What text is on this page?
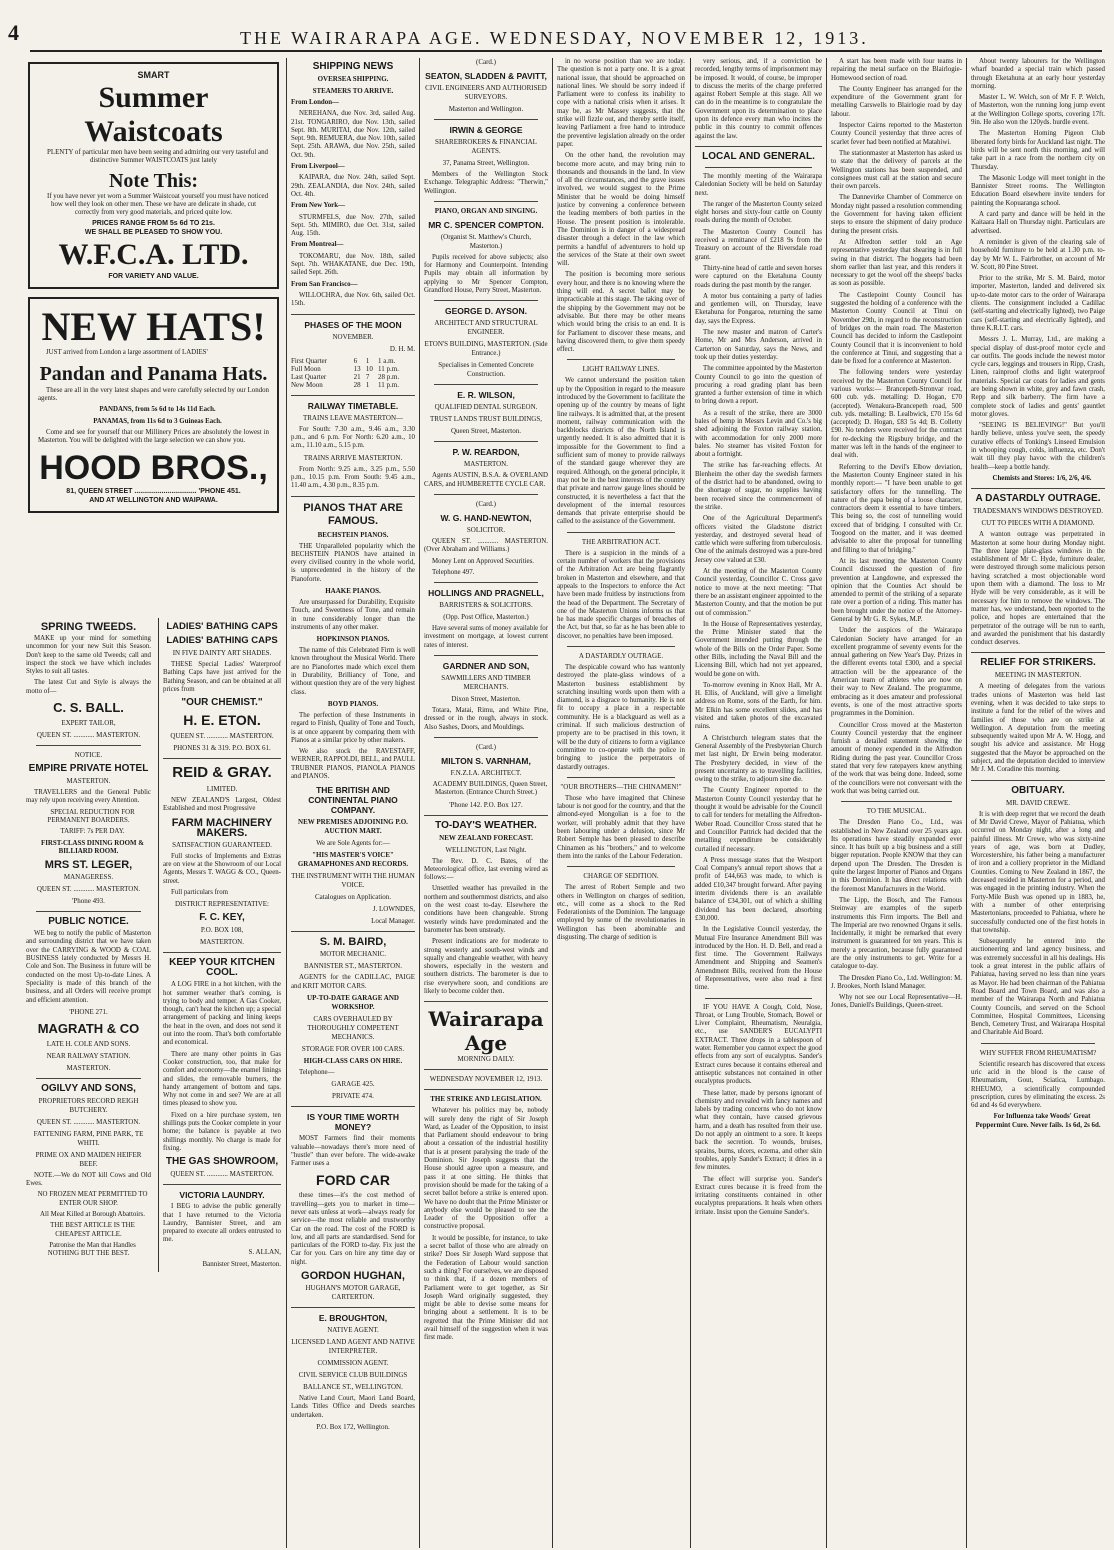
4	THE WAIRARAPA AGE. WEDNESDAY, NOVEMBER 12, 1913.
SMART
Summer Waistcoats

PLENTY of particular men have been seeing and admiring our very tasteful and distinctive Summer WAISTCOATS just lately

Note This:

If you have never yet worn a Summer Waistcoat yourself you must have noticed how well they look on other men. These we have are delicate in shade, cut correctly from very good materials, and priced quite low.

PRICES RANGE FROM 5s 6d TO 21s.
WE SHALL BE PLEASED TO SHOW YOU.
W.F.C.A. LTD.
FOR VARIETY AND VALUE.
NEW HATS!

JUST arrived from London a large assortment of LADIES'

Pandan and Panama Hats.

These are all in the very latest shapes and were carefully selected by our London agents.

PANDANS, from 5s 6d to 14s 11d Each.

PANAMAS, from 11s 6d to 3 Guineas Each.

Come and see for yourself that our Millinery Prices are absolutely the lowest in Masterton. You will be delighted with the large selection we can show you.

HOOD BROS.,
81, QUEEN STREET ................................ 'PHONE 451.
AND AT WELLINGTON AND WAIPAWA.
SPRING TWEEDS.

MAKE up your mind for something uncommon for your new Suit this Season. Don't keep to the same old Tweeds; call and inspect the stock we have which includes Styles to suit all tastes.

The latest Cut and Style is always the motto of—

C. S. BALL.
EXPERT TAILOR,
QUEEN ST. ............ MASTERTON.
NOTICE.
EMPIRE PRIVATE HOTEL
MASTERTON.

TRAVELLERS and the General Public may rely upon receiving every Attention.

SPECIAL REDUCTION FOR PERMANENT BOARDERS.

TARIFF: 7s PER DAY.

FIRST-CLASS DINING ROOM & BILLIARD ROOM.

MRS ST. LEGER,
MANAGERESS.
QUEEN ST. ............ MASTERTON.
'Phone 493.
PUBLIC NOTICE.

WE beg to notify the public of Masterton and surrounding district that we have taken over the CARRYING & WOOD & COAL BUSINESS lately conducted by Messrs H. Cole and Son. The Business in future will be conducted on the most Up-to-date Lines. A Speciality is made of this branch of the business, and all Orders will receive prompt and efficient attention.

'PHONE 271.
MAGRATH & CO
LATE H. COLE AND SONS.
NEAR RAILWAY STATION.
MASTERTON.
OGILVY AND SONS,
PROPRIETORS RECORD REIGH BUTCHERY.
QUEEN ST. ............ MASTERTON.
FATTENING FARM, PINE PARK, TE WHITI.
PRIME OX AND MAIDEN HEIFER BEEF.

NOTE.—We do NOT kill Cows and Old Ewes.

NO FROZEN MEAT PERMITTED TO ENTER OUR SHOP.

All Meat Killed at Borough Abattoirs.

THE BEST ARTICLE IS THE CHEAPEST ARTICLE.

Patronise the Man that Handles NOTHING BUT THE BEST.

LADIES' BATHING CAPS
LADIES' BATHING CAPS
IN FIVE DAINTY ART SHADES.

THESE Special Ladies' Waterproof Bathing Caps have just arrived for the Bathing Season, and can be obtained at all prices from

"OUR CHEMIST."
H. E. ETON.
QUEEN ST. ............ MASTERTON.
PHONES 31 & 319. P.O. BOX 61.
REID & GRAY.
LIMITED.

NEW ZEALAND'S Largest, Oldest Established and most Progressive

FARM MACHINERY MAKERS.
SATISFACTION GUARANTEED.

Full stocks of Implements and Extras are on view at the Showroom of our Local Agents, Messrs T. WAGG & CO., Queen-street.

Full particulars from

DISTRICT REPRESENTATIVE:
F. C. KEY,
P.O. BOX 108,
MASTERTON.
KEEP YOUR KITCHEN COOL.

A LOG FIRE in a hot kitchen, with the hot summer weather that's coming, is trying to body and temper. A Gas Cooker, though, can't heat the kitchen up; a special arrangement of packing and lining keeps the heat in the oven, and does not send it out into the room. That's both comfortable and economical.

There are many other points in Gas Cooker construction, too, that make for comfort and economy—the enamel linings and slides, the removable burners, the handy arrangement of bottom and taps. Why not come in and see? We are at all times pleased to show you.

Fixed on a hire purchase system, ten shillings puts the Cooker complete in your home; the balance is payable at two shillings monthly. No charge is made for fixing.

THE GAS SHOWROOM,
QUEEN ST. ............ MASTERTON.
VICTORIA LAUNDRY.

I BEG to advise the public generally that I have returned to the Victoria Laundry, Bannister Street, and am prepared to execute all orders entrusted to me.

S. ALLAN,
Bannister Street, Masterton.
SHIPPING NEWS
OVERSEA SHIPPING.
STEAMERS TO ARRIVE.

From London—

NEREHANA, due Nov. 3rd, sailed Aug. 21st. TONGARIRO, due Nov. 13th, sailed Sept. 8th. MURITAI, due Nov. 12th, sailed Sept. 9th. REMUERA, due Nov. 10th, sailed Sept. 25th. ARAWA, due Nov. 25th, sailed Oct. 9th.

From Liverpool—

KAIPARA, due Nov. 24th, sailed Sept. 29th. ZEALANDIA, due Nov. 24th, sailed Oct. 4th.

From New York—

STURMFELS, due Nov. 27th, sailed Sept. 5th. MIMIRO, due Oct. 31st, sailed Aug. 15th.

From Montreal—

TOKOMARU, due Nov. 18th, sailed Sept. 7th. WHAKATANE, due Dec. 19th, sailed Sept. 26th.

From San Francisco—

WILLOCHRA, due Nov. 6th, sailed Oct. 15th.

PHASES OF THE MOON
NOVEMBER.
D. H. M.
First Quarter	6	1	1 a.m.
Full Moon	13	10	11 p.m.
Last Quarter	21	7	28 p.m.
New Moon	28	1	11 p.m.
RAILWAY TIMETABLE.
TRAINS LEAVE MASTERTON—

For South: 7.30 a.m., 9.46 a.m., 3.30 p.m., and 6 p.m. For North: 6.20 a.m., 10 a.m., 11.10 a.m., 5.15 p.m.

TRAINS ARRIVE MASTERTON.

From North: 9.25 a.m., 3.25 p.m., 5.50 p.m., 10.15 p.m. From South: 9.45 a.m., 11.40 a.m., 4.30 p.m., 8.35 p.m.

PIANOS THAT ARE FAMOUS.
BECHSTEIN PIANOS.

THE Unparalleled popularity which the BECHSTEIN PIANOS have attained in every civilised country in the whole world, is unprecedented in the history of the Pianoforte.

HAAKE PIANOS.

Are unsurpassed for Durability, Exquisite Touch, and Sweetness of Tone, and remain in tune considerably longer than the instruments of any other maker.

HOPKINSON PIANOS.

The name of this Celebrated Firm is well known throughout the Musical World. There are no Pianofortes made which excel them in Durability, Brilliancy of Tone, and without question they are of the very highest class.

BOYD PIANOS.

The perfection of these Instruments in regard to Finish, Quality of Tone and Touch, is at once apparent by comparing them with Pianos at a similar price by other makers.

We also stock the RAVESTAFF, WERNER, RAPPOLDI, BELL, and PAULL TRUBNER PIANOS, PIANOLA PIANOS and PIANOS.

THE BRITISH AND CONTINENTAL PIANO COMPANY.
NEW PREMISES ADJOINING P.O. AUCTION MART.
We are Sole Agents for:—
"HIS MASTER'S VOICE" GRAMAPHONES AND RECORDS.
THE INSTRUMENT WITH THE HUMAN VOICE.
Catalogues on Application.
J. LOWNDES,
Local Manager.
S. M. BAIRD,
MOTOR MECHANIC.
BANNISTER ST., MASTERTON.

AGENTS for the CADILLAC, PAIGE and KRIT MOTOR CARS.

UP-TO-DATE GARAGE AND WORKSHOP.
CARS OVERHAULED BY THOROUGHLY COMPETENT MECHANICS.
STORAGE FOR OVER 100 CARS.
HIGH-CLASS CARS ON HIRE.

Telephone—

GARAGE 425.
PRIVATE 474.
IS YOUR TIME WORTH MONEY?

MOST Farmers find their moments valuable—nowadays there's more need of "hustle" than ever before. The wide-awake Farmer uses a

FORD CAR

these times—it's the cost method of travelling—gets you to market in time—never eats unless at work—always ready for service—the most reliable and trustworthy Car on the road. The cost of the FORD is low, and all parts are standardised. Send for particulars of the FORD to-day. Fix just the Car for you. Cars on hire any time day or night.

GORDON HUGHAN,
HUGHAN'S MOTOR GARAGE, CARTERTON.
E. BROUGHTON,
NATIVE AGENT.
LICENSED LAND AGENT AND NATIVE INTERPRETER.
COMMISSION AGENT.
CIVIL SERVICE CLUB BUILDINGS
BALLANCE ST., WELLINGTON.

Native Land Court, Maori Land Board, Lands Titles Office and Deeds searches undertaken.

P.O. Box 172, Wellington.
(Card.)
SEATON, SLADDEN & PAVITT,
CIVIL ENGINEERS AND AUTHORISED SURVEYORS.
Masterton and Wellington.
IRWIN & GEORGE
SHAREBROKERS & FINANCIAL AGENTS.
37, Panama Street, Wellington.

Members of the Wellington Stock Exchange. Telegraphic Address: "Therwin," Wellington.

PIANO, ORGAN AND SINGING.
MR C. SPENCER COMPTON.
(Organist St. Matthew's Church, Masterton.)

Pupils received for above subjects; also for Harmony and Counterpoint. Intending Pupils may obtain all information by applying to Mr Spencer Compton, Grandford House, Perry Street, Masterton.

GEORGE D. AYSON.
ARCHITECT AND STRUCTURAL ENGINEER.
ETON'S BUILDING, MASTERTON. (Side Entrance.)
Specialises in Cemented Concrete Construction.
E. R. WILSON,
QUALIFIED DENTAL SURGEON.
TRUST LANDS TRUST BUILDINGS,
Queen Street, Masterton.
P. W. REARDON,
MASTERTON.

Agents AUSTIN, B.S.A. & OVERLAND CARS, and HUMBERETTE CYCLE CAR.

(Card.)
W. G. HAND-NEWTON,
SOLICITOR.

QUEEN ST. ............ MASTERTON. (Over Abraham and Williams.)

Money Lent on Approved Securities.

Telephone 497.

HOLLINGS AND PRAGNELL,
BARRISTERS & SOLICITORS.
(Opp. Post Office, Masterton.)

Have several sums of money available for investment on mortgage, at lowest current rates of interest.

GARDNER AND SON,
SAWMILLERS AND TIMBER MERCHANTS.
Dixon Street, Masterton.

Totara, Matai, Rimu, and White Pine, dressed or in the rough, always in stock. Also Sashes, Doors, and Mouldings.

(Card.)
MILTON S. VARNHAM,
F.N.Z.I.A. ARCHITECT.

ACADEMY BUILDINGS, Queen Street, Masterton. (Entrance Church Street.)

'Phone 142. P.O. Box 127.
TO-DAY'S WEATHER.
NEW ZEALAND FORECAST.
WELLINGTON, Last Night.

The Rev. D. C. Bates, of the Meteorological office, last evening wired as follows:—

Unsettled weather has prevailed in the northern and southernmost districts, and also on the west coast to-day. Elsewhere the conditions have been changeable. Strong westerly winds have predominated and the barometer has been unsteady.

Present indications are for moderate to strong westerly and south-west winds and squally and changeable weather, with heavy showers, especially in the western and southern districts. The barometer is due to rise everywhere soon, and conditions are likely to become colder then.

Wairarapa Age
MORNING DAILY.
WEDNESDAY NOVEMBER 12, 1913.
THE STRIKE AND LEGISLATION.

Whatever his politics may be, nobody will surely deny the right of Sir Joseph Ward, as Leader of the Opposition, to insist that Parliament should endeavour to bring about a cessation of the industrial hostility that is at present paralysing the trade of the Dominion. Sir Joseph suggests that the House should agree upon a measure, and pass it at one sitting. He thinks that provision should be made for the taking of a secret ballot before a strike is entered upon. We have no doubt that the Prime Minister or anybody else would be pleased to see the Leader of the Opposition offer a constructive proposal.

It would be possible, for instance, to take a secret ballot of those who are already on strike? Does Sir Joseph Ward suppose that the Federation of Labour would sanction such a thing? For ourselves, we are disposed to think that, if a dozen members of Parliament were to get together, as Sir Joseph Ward originally suggested, they might be able to devise some means for bringing about a settlement. It is to be regretted that the Prime Minister did not avail himself of the suggestion when it was first made.

in no worse position than we are today. The question is not a party one. It is a great national issue, that should be approached on national lines. We should be sorry indeed if Parliament were to confess its inability to cope with a national crisis when it arises. It may be, as Mr Massey suggests, that the strike will fizzle out, and thereby settle itself, leaving Parliament a free hand to introduce the preventive legislation already on the order paper.

On the other hand, the revolution may become more acute, and may bring ruin to thousands and thousands in the land. In view of all the circumstances, and the grave issues involved, we would suggest to the Prime Minister that he would be doing himself justice by convening a conference between the leading members of both parties in the House. The present position is intolerable. The Dominion is in danger of a widespread disaster through a defect in the law which permits a handful of adventurers to hold up the services of the State at their own sweet will.

The position is becoming more serious every hour, and there is no knowing where the thing will end. A secret ballot may be impracticable at this stage. The taking over of the shipping by the Government may not be advisable. But there may be other means which would bring the crisis to an end. It is for Parliament to discover these means, and having discovered them, to give them speedy effect.

LIGHT RAILWAY LINES.

We cannot understand the position taken up by the Opposition in regard to the measure introduced by the Government to facilitate the opening up of the country by means of light line railways. It is admitted that, at the present moment, railway communication with the backblocks districts of the North Island is urgently needed. It is also admitted that it is impossible for the Government to find a sufficient sum of money to provide railways of the standard gauge wherever they are required. Although, on the general principle, it may not be in the best interests of the country that private and narrow gauge lines should be constructed, it is nevertheless a fact that the development of the internal resources demands that private enterprise should be called to the assistance of the Government.

THE ARBITRATION ACT.

There is a suspicion in the minds of a certain number of workers that the provisions of the Arbitration Act are being flagrantly broken in Masterton and elsewhere, and that appeals to the Inspectors to enforce the Act have been made fruitless by instructions from the head of the Department. The Secretary of one of the Masterton Unions informs us that he has made specific charges of breaches of the Act, but that, so far as he has been able to discover, no penalties have been imposed.

A DASTARDLY OUTRAGE.

The despicable coward who has wantonly destroyed the plate-glass windows of a Masterton business establishment by scratching insulting words upon them with a diamond, is a disgrace to humanity. He is not fit to occupy a place in a respectable community. He is a blackguard as well as a criminal. If such malicious destruction of property are to be practised in this town, it will be the duty of citizens to form a vigilance committee to co-operate with the police in bringing to justice the perpetrators of dastardly outrages.

"OUR BROTHERS—THE CHINAMEN!"

Those who have imagined that Chinese labour is not good for the country, and that the almond-eyed Mongolian is a foe to the worker, will probably admit that they have been labouring under a delusion, since Mr Robert Semple has been pleased to describe Chinamen as his "brothers," and to welcome them into the ranks of the Labour Federation.

CHARGE OF SEDITION.

The arrest of Robert Semple and two others in Wellington on charges of sedition, etc., will come as a shock to the Red Federationists of the Dominion. The language employed by some of the revolutionaries in Wellington has been abominable and disgusting. The charge of sedition is

very serious, and, if a conviction be recorded, lengthy terms of imprisonment may be imposed. It would, of course, be improper to discuss the merits of the charge preferred against Robert Semple at this stage. All we can do in the meantime is to congratulate the Government upon its determination to place upon its defence every man who incites the public in this country to commit offences against the law.

LOCAL AND GENERAL.

The monthly meeting of the Wairarapa Caledonian Society will be held on Saturday next.

The ranger of the Masterton County seized eight horses and sixty-four cattle on County roads during the month of October.

The Masterton County Council has received a remittance of £218 9s from the Treasury on account of the Riversdale road grant.

Thirty-nine head of cattle and seven horses were captured on the Eketahuna County roads during the past month by the ranger.

A motor bus containing a party of ladies and gentlemen will, on Thursday, leave Eketahuna for Pongaroa, returning the same day, says the Express.

The new master and matron of Carter's Home, Mr and Mrs Anderson, arrived in Carterton on Saturday, says the News, and took up their duties yesterday.

The committee appointed by the Masterton County Council to go into the question of procuring a road grading plant has been granted a further extension of time in which to bring down a report.

As a result of the strike, there are 3000 bales of hemp in Messrs Levin and Co.'s big shed adjoining the Foxton railway station, with accommodation for only 2000 more bales. No steamer has visited Foxton for about a fortnight.

The strike has far-reaching effects. At Blenheim the other day the swedish farmers of the district had to be abandoned, owing to the shortage of sugar, no supplies having been received since the commencement of the strike.

One of the Agricultural Department's officers visited the Gladstone district yesterday, and destroyed several head of cattle which were suffering from tuberculosis. One of the animals destroyed was a pure-bred Jersey cow valued at £30.

At the meeting of the Masterton County Council yesterday, Councillor C. Cross gave notice to move at the next meeting: "That there be an assistant engineer appointed to the Masterton County, and that the motion be put out of commission."

In the House of Representatives yesterday, the Prime Minister stated that the Government intended putting through the whole of the Bills on the Order Paper. Some other Bills, including the Naval Bill and the Licensing Bill, which had not yet appeared, would be gone on with.

To-morrow evening in Knox Hall, Mr A. H. Ellis, of Auckland, will give a limelight address on Rome, sons of the Earth, for him. Mr Elkin has some excellent slides, and has visited and taken photos of the excavated ruins.

A Christchurch telegram states that the General Assembly of the Presbyterian Church met last night, Dr Erwin being moderator. The Presbytery decided, in view of the present uncertainty as to travelling facilities, owing to the strike, to adjourn sine die.

The County Engineer reported to the Masterton County Council yesterday that he thought it would be advisable for the Council to call for tenders for metalling the Alfredton-Weber Road. Councillor Cross stated that he and Councillor Pattrick had decided that the metalling expenditure be considerably curtailed if necessary.

A Press message states that the Westport Coal Company's annual report shows that a profit of £44,663 was made, to which is added £10,347 brought forward. After paying interim dividends there is an available balance of £34,301, out of which a shilling dividend has been declared, absorbing £30,000.

In the Legislative Council yesterday, the Mutual Fire Insurance Amendment Bill was introduced by the Hon. H. D. Bell, and read a first time. The Government Railways Amendment and Shipping and Seamen's Amendment Bills, received from the House of Representatives, were also read a first time.

IF YOU HAVE A Cough, Cold, Nose, Throat, or Lung Trouble, Stomach, Bowel or Liver Complaint, Rheumatism, Neuralgia, etc., use SANDER'S EUCALYPTI EXTRACT. Three drops in a tablespoon of water. Remember you cannot expect the good effects from any sort of eucalyptus. Sander's Extract cures because it contains ethereal and antiseptic substances not contained in other eucalyptus products.

These latter, made by persons ignorant of chemistry and revealed with fancy names and labels by trading concerns who do not know what they contain, have caused grievous harm, and a death has resulted from their use. Do not apply an ointment to a sore. It keeps back the secretion. To wounds, bruises, sprains, burns, ulcers, eczema, and other skin troubles, apply Sander's Extract; it dries in a few minutes.

The effect will surprise you. Sander's Extract cures because it is freed from the irritating constituents contained in other eucalyptus preparations. It heals when others irritate. Insist upon the Genuine Sander's.

A start has been made with four teams in repairing the metal surface on the Blairlogie-Homewood section of road.

The County Engineer has arranged for the expenditure of the Government grant for metalling Carswells to Blairlogie road by day labour.

Inspector Cairns reported to the Masterton County Council yesterday that three acres of scarlet fever had been notified at Matahiwi.

The stationmaster at Masterton has asked us to state that the delivery of parcels at the Wellington stations has been suspended, and consignees must call at the station and secure their own parcels.

The Dannevirke Chamber of Commerce on Monday night passed a resolution commending the Government for having taken efficient steps to ensure the shipment of dairy produce during the present crisis.

At Alfredton settler told an Age representative yesterday that shearing is in full swing in that district. The hoggets had been shorn earlier than last year, and this renders it necessary to get the wool off the sheeps' backs as soon as possible.

The Castlepoint County Council has suggested the holding of a conference with the Masterton County Council at Tinui on November 29th, in regard to the reconstruction of bridges on the main road. The Masterton Council has decided to inform the Castlepoint County Council that it is inconvenient to hold the conference at Tinui, and suggesting that a date be fixed for a conference at Masterton.

The following tenders were yesterday received by the Masterton County Council for various works:— Brancepeth-Stronvar road, 600 cub. yds. metalling: D. Hogan, £70 (accepted). Wenakura-Brancepeth road, 500 cub. yds. metalling: B. Lealbwick, £70 15s 6d (accepted); D. Hogan, £83 5s 4d; B. Colletty £90. No tenders were received for the contract for re-decking the Rigsbury bridge, and the matter was left in the hands of the engineer to deal with.

Referring to the Devil's Elbow deviation, the Masterton County Engineer stated in his monthly report:— "I have been unable to get satisfactory offers for the tunnelling. The nature of the papa being of a loose character, contractors deem it essential to have timbers. This being so, the cost of tunnelling would exceed that of bridging. I consulted with Cr. Toogood on the matter, and it was deemed advisable to alter the proposal for tunnelling and filling to that of bridging."

At its last meeting the Masterton County Council discussed the question of fire prevention at Langdowne, and expressed the opinion that the Counties Act should be amended to permit of the striking of a separate rate over a portion of a riding. This matter has been brought under the notice of the Attorney-General by Mr G. R. Sykes, M.P.

Under the auspices of the Wairarapa Caledonian Society have arranged for an excellent programme of seventy events for the annual gathering on New Year's Day. Prizes in the different events total £300, and a special attraction will be the appearance of the American team of athletes who are now on their way to New Zealand. The programme, embracing as it does amateur and professional events, is one of the most attractive sports programmes in the Dominion.

Councillor Cross moved at the Masterton County Council yesterday that the engineer furnish a detailed statement showing the amount of money expended in the Alfredton Riding during the past year. Councillor Cross stated that very few ratepayers knew anything of the work that was being done. Indeed, some of the councillors were not conversant with the work that was being carried out.

TO THE MUSICAL.

The Dresden Piano Co., Ltd., was established in New Zealand over 25 years ago. Its operations have steadily expanded ever since. It has built up a big business and a still bigger reputation. People KNOW that they can depend upon The Dresden. The Dresden is quite the largest Importer of Pianos and Organs in this Dominion. It has direct relations with the foremost Manufacturers in the World.

The Lipp, the Bosch, and The Famous Steinway are examples of the superb instruments this Firm imports. The Bell and The Imperial are two renowned Organs it sells. Incidentally, it might be remarked that every instrument is guaranteed for ten years. This is merely a precaution, because fully guaranteed are the only instruments to get. Write for a catalogue to-day.

The Dresden Piano Co., Ltd. Wellington: M. J. Brookes, North Island Manager.

Why not see our Local Representative—H. Jones, Daniell's Buildings, Queen-street.

About twenty labourers for the Wellington wharf boarded a special train which passed through Eketahuna at an early hour yesterday morning.

Master L. W. Welch, son of Mr F. P. Welch, of Masterton, won the running long jump event at the Wellington College sports, covering 17ft. 9in. He also won the 120yds. hurdle event.

The Masterton Homing Pigeon Club liberated forty birds for Auckland last night. The birds will be sent north this morning, and will take part in a race from the northern city on Thursday.

The Masonic Lodge will meet tonight in the Bannister Street rooms. The Wellington Education Board elsewhere invite tenders for painting the Kopuaranga school.

A card party and dance will be held in the Kaitaara Hall on Thursday night. Particulars are advertised.

A reminder is given of the clearing sale of household furniture to be held at 1.30 p.m. to-day by Mr W. L. Fairbrother, on account of Mr W. Scott, 80 Pine Street.

Prior to the strike, Mr S. M. Baird, motor importer, Masterton, landed and delivered six up-to-date motor cars to the order of Wairarapa clients. The consignment included a Cadillac (self-starting and electrically lighted), two Paige cars (self-starting and electrically lighted), and three K.R.I.T. cars.

Messrs J. L. Murray, Ltd., are making a special display of dust-proof motor cycle and car outfits. The goods include the newest motor cycle cars, leggings and trousers in Ripp, Crash, Linen, rainproof cloths and light waterproof materials. Special car coats for ladies and gents are being shown in white, grey and fawn crash, Repp and silk barberry. The firm have a complete stock of ladies and gents' gauntlet motor gloves.

"SEEING IS BELIEVING!" But you'll hardly believe, unless you've seen, the speedy curative effects of Tonking's Linseed Emulsion in whooping cough, colds, influenza, etc. Don't wait till they play havoc with the children's health—keep a bottle handy.

Chemists and Stores: 1/6, 2/6, 4/6.

A DASTARDLY OUTRAGE.
TRADESMAN'S WINDOWS DESTROYED.
CUT TO PIECES WITH A DIAMOND.

A wanton outrage was perpetrated in Masterton at some hour during Monday night. The three large plate-glass windows in the establishment of Mr C. Hyde, furniture dealer, were destroyed through some malicious person having scratched a most objectionable word upon them with a diamond. The loss to Mr Hyde will be very considerable, as it will be necessary for him to remove the windows. The matter has, we understand, been reported to the police, and hopes are entertained that the perpetrator of the outrage will be run to earth, and awarded the punishment that his dastardly conduct deserves.

RELIEF FOR STRIKERS.
MEETING IN MASTERTON.

A meeting of delegates from the various trades unions of Masterton was held last evening, when it was decided to take steps to institute a fund for the relief of the wives and families of those who are on strike at Wellington. A deputation from the meeting subsequently waited upon Mr A. W. Hogg, and sought his advice and assistance. Mr Hogg suggested that the Mayor be approached on the subject, and the deputation decided to interview Mr J. M. Coradine this morning.

OBITUARY.
MR. DAVID CREWE.

It is with deep regret that we record the death of Mr David Crewe, Mayor of Pahiatua, which occurred on Monday night, after a long and painful illness. Mr Crewe, who was sixty-nine years of age, was born at Dudley, Worcestershire, his father being a manufacturer of iron and a colliery proprietor in the Midland Counties. Coming to New Zealand in 1867, the deceased resided in Masterton for a period, and was engaged in the printing industry. When the Forty-Mile Bush was opened up in 1883, he, with a number of other enterprising Mastertonians, proceeded to Pahiatua, where he successfully conducted one of the first hotels in that township.

Subsequently he entered into the auctioneering and land agency business, and was extremely successful in all his dealings. His took a great interest in the public affairs of Pahiatua, having served no less than nine years as Mayor. He had been chairman of the Pahiatua Road Board and Town Board, and was also a member of the Wairarapa North and Pahiatua County Councils, and served on the School Committee, Hospital Committees, Licensing Bench, Cemetery Trust, and Wairarapa Hospital and Charitable Aid Board.

WHY SUFFER FROM RHEUMATISM?

Scientific research has discovered that excess uric acid in the blood is the cause of Rheumatism, Gout, Sciatica, Lumbago. RHEUMO, a scientifically compounded prescription, cures by eliminating the excess. 2s 6d and 4s 6d everywhere.

For Influenza take Woods' Great Peppermint Cure. Never fails. 1s 6d, 2s 6d.
